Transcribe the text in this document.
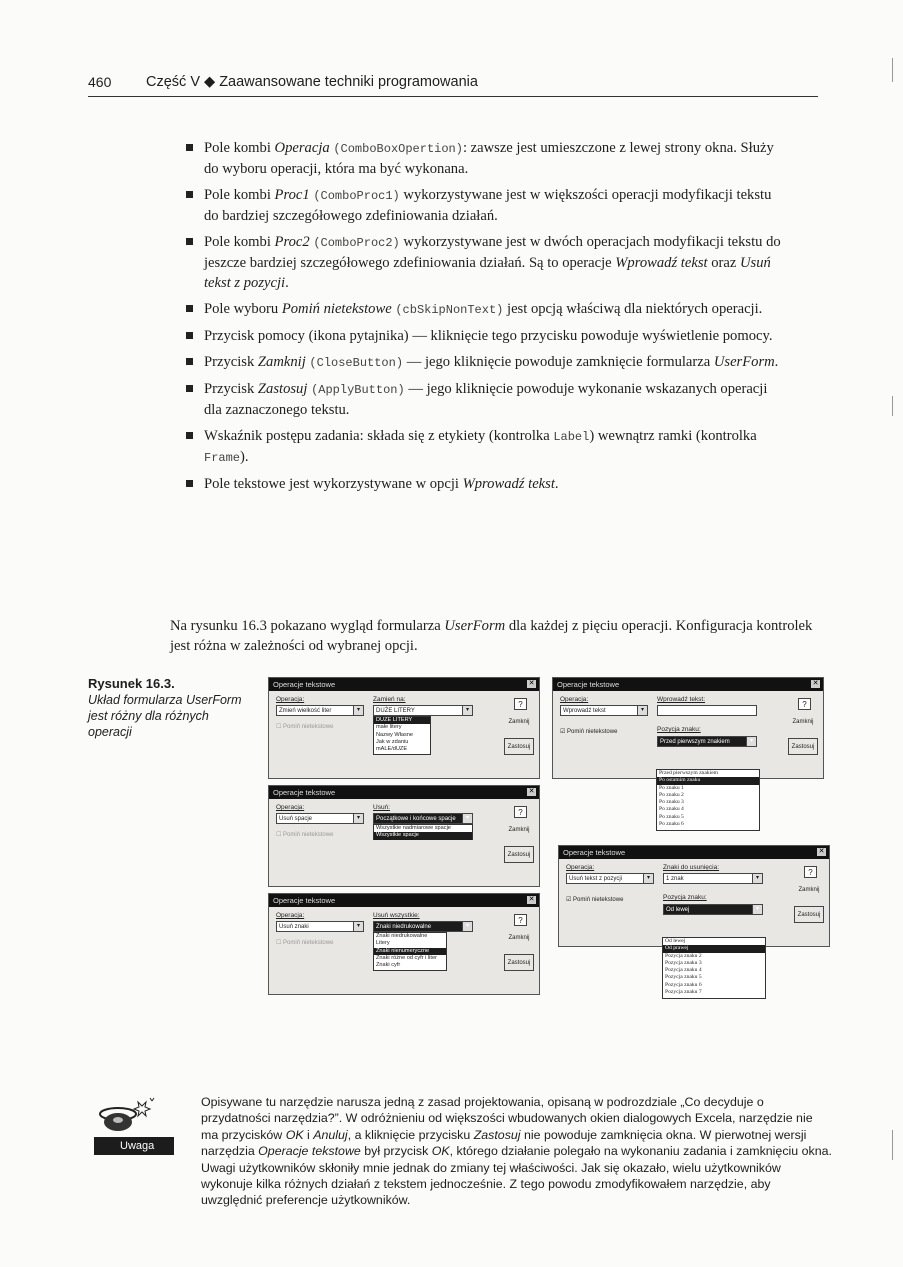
460 Część V ◆ Zaawansowane techniki programowania
Pole kombi Operacja (ComboBoxOpertion): zawsze jest umieszczone z lewej strony okna. Służy do wyboru operacji, która ma być wykonana.
Pole kombi Proc1 (ComboProc1) wykorzystywane jest w większości operacji modyfikacji tekstu do bardziej szczegółowego zdefiniowania działań.
Pole kombi Proc2 (ComboProc2) wykorzystywane jest w dwóch operacjach modyfikacji tekstu do jeszcze bardziej szczegółowego zdefiniowania działań. Są to operacje Wprowadź tekst oraz Usuń tekst z pozycji.
Pole wyboru Pomiń nietekstowe (cbSkipNonText) jest opcją właściwą dla niektórych operacji.
Przycisk pomocy (ikona pytajnika) — kliknięcie tego przycisku powoduje wyświetlenie pomocy.
Przycisk Zamknij (CloseButton) — jego kliknięcie powoduje zamknięcie formularza UserForm.
Przycisk Zastosuj (ApplyButton) — jego kliknięcie powoduje wykonanie wskazanych operacji dla zaznaczonego tekstu.
Wskaźnik postępu zadania: składa się z etykiety (kontrolka Label) wewnątrz ramki (kontrolka Frame).
Pole tekstowe jest wykorzystywane w opcji Wprowadź tekst.

Na rysunku 16.3 pokazano wygląd formularza UserForm dla każdej z pięciu operacji. Konfiguracja kontrolek jest różna w zależności od wybranej opcji.

Rysunek 16.3.
Układ formularza UserForm jest różny dla różnych operacji
Operacje tekstowe	✕
Operacja:
Zmień wielkość liter	▾
Zamień na:
DUŻE LITERY	▾
DUŻE LITERY
małe litery
Nazwy Własne
Jak w zdaniu
mALE/dUŻE
☐ Pomiń nietekstowe
?
Zamknij
Zastosuj
Operacje tekstowe	✕
Operacja:
Usuń spacje	▾
Usuń:
Początkowe i końcowe spacje	▾
Wszystkie nadmiarowe spacje
Wszystkie spacje
☐ Pomiń nietekstowe
?
Zamknij
Zastosuj
Operacje tekstowe	✕
Operacja:
Usuń znaki	▾
Usuń wszystkie:
Znaki niedrukowalne	▾
Znaki niedrukowalne
Litery
Znaki nienumeryczne
Znaki różne od cyfr i liter
Znaki cyfr
☐ Pomiń nietekstowe
?
Zamknij
Zastosuj
Operacje tekstowe	✕
Operacja:
Wprowadź tekst	▾
Wprowadź tekst:
☑ Pomiń nietekstowe	Pozycja znaku:
Przed pierwszym znakiem	▾
?
Zamknij
Zastosuj
Przed pierwszym znakiem
Po ostatnim znaku
Po znaku 1
Po znaku 2
Po znaku 3
Po znaku 4
Po znaku 5
Po znaku 6
Operacje tekstowe	✕
Operacja:
Usuń tekst z pozycji	▾
Znaki do usunięcia:
1 znak	▾
☑ Pomiń nietekstowe	Pozycja znaku:
Od lewej	▾
?
Zamknij
Zastosuj
Od lewej
Od prawej
Pozycja znaku 2
Pozycja znaku 3
Pozycja znaku 4
Pozycja znaku 5
Pozycja znaku 6
Pozycja znaku 7
Uwaga

Opisywane tu narzędzie narusza jedną z zasad projektowania, opisaną w podrozdziale „Co decyduje o przydatności narzędzia?”. W odróżnieniu od większości wbudowanych okien dialogowych Excela, narzędzie nie ma przycisków OK i Anuluj, a kliknięcie przycisku Zastosuj nie powoduje zamknięcia okna. W pierwotnej wersji narzędzia Operacje tekstowe był przycisk OK, którego działanie polegało na wykonaniu zadania i zamknięciu okna. Uwagi użytkowników skłoniły mnie jednak do zmiany tej właściwości. Jak się okazało, wielu użytkowników wykonuje kilka różnych działań z tekstem jednocześnie. Z tego powodu zmodyfikowałem narzędzie, aby uwzględnić preferencje użytkowników.
